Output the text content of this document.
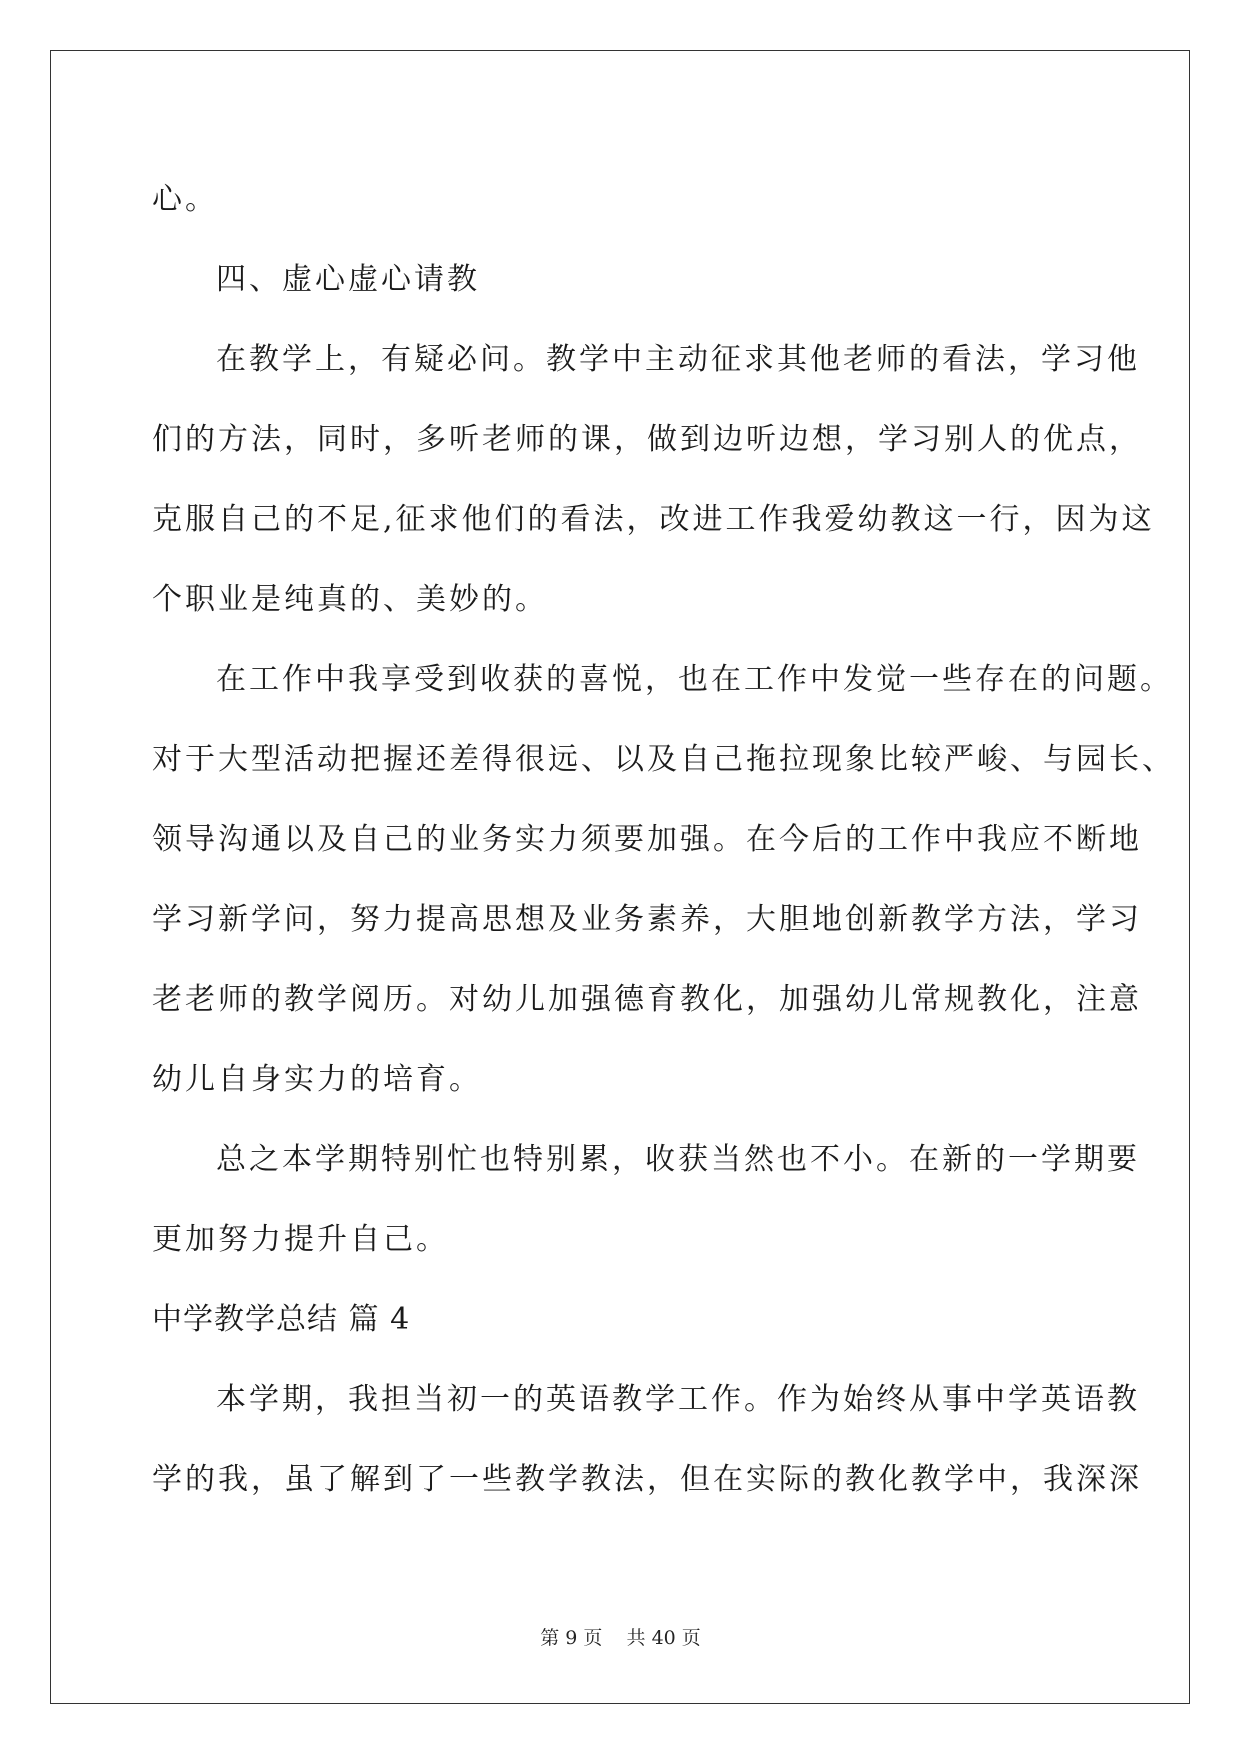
心。
四、虚心虚心请教
在教学上，有疑必问。教学中主动征求其他老师的看法，学习他
们的方法，同时，多听老师的课，做到边听边想，学习别人的优点，
克服自己的不足,征求他们的看法，改进工作我爱幼教这一行，因为这
个职业是纯真的、美妙的。
在工作中我享受到收获的喜悦，也在工作中发觉一些存在的问题。
对于大型活动把握还差得很远、以及自己拖拉现象比较严峻、与园长、
领导沟通以及自己的业务实力须要加强。在今后的工作中我应不断地
学习新学问，努力提高思想及业务素养，大胆地创新教学方法，学习
老老师的教学阅历。对幼儿加强德育教化，加强幼儿常规教化，注意
幼儿自身实力的培育。
总之本学期特别忙也特别累，收获当然也不小。在新的一学期要
更加努力提升自己。
中学教学总结 篇 4
本学期，我担当初一的英语教学工作。作为始终从事中学英语教
学的我，虽了解到了一些教学教法，但在实际的教化教学中，我深深
第 9 页    共 40 页
